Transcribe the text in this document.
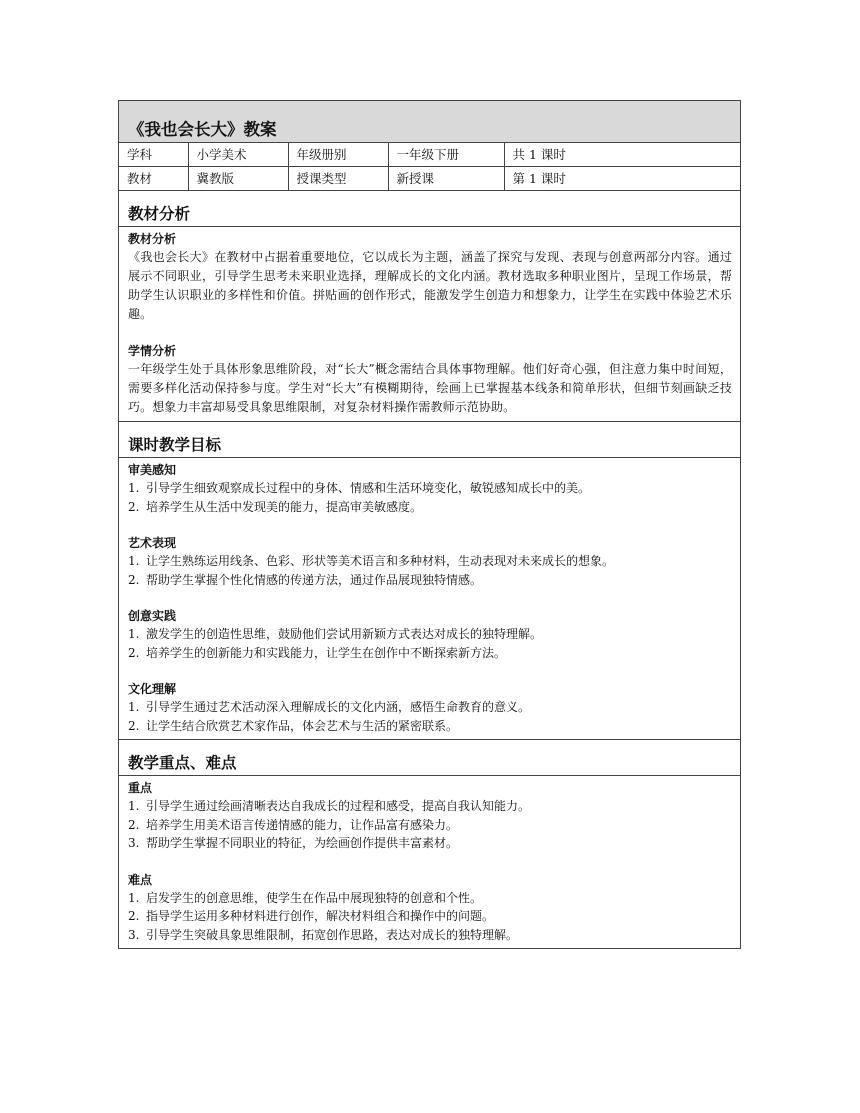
《我也会长大》教案
学科	小学美术	年级册别	一年级下册	共 1 课时
教材	冀教版	授课类型	新授课	第 1 课时
教材分析
教材分析

《我也会长大》在教材中占据着重要地位，它以成长为主题，涵盖了探究与发现、表现与创意两部分内容。通过展示不同职业，引导学生思考未来职业选择，理解成长的文化内涵。教材选取多种职业图片，呈现工作场景，帮助学生认识职业的多样性和价值。拼贴画的创作形式，能激发学生创造力和想象力，让学生在实践中体验艺术乐趣。

学情分析

一年级学生处于具体形象思维阶段，对“长大”概念需结合具体事物理解。他们好奇心强，但注意力集中时间短，需要多样化活动保持参与度。学生对“长大”有模糊期待，绘画上已掌握基本线条和简单形状，但细节刻画缺乏技巧。想象力丰富却易受具象思维限制，对复杂材料操作需教师示范协助。

课时教学目标
审美感知
1. 引导学生细致观察成长过程中的身体、情感和生活环境变化，敏锐感知成长中的美。
2. 培养学生从生活中发现美的能力，提高审美敏感度。
艺术表现
1. 让学生熟练运用线条、色彩、形状等美术语言和多种材料，生动表现对未来成长的想象。
2. 帮助学生掌握个性化情感的传递方法，通过作品展现独特情感。
创意实践
1. 激发学生的创造性思维，鼓励他们尝试用新颖方式表达对成长的独特理解。
2. 培养学生的创新能力和实践能力，让学生在创作中不断探索新方法。
文化理解
1. 引导学生通过艺术活动深入理解成长的文化内涵，感悟生命教育的意义。
2. 让学生结合欣赏艺术家作品，体会艺术与生活的紧密联系。
教学重点、难点
重点
1. 引导学生通过绘画清晰表达自我成长的过程和感受，提高自我认知能力。
2. 培养学生用美术语言传递情感的能力，让作品富有感染力。
3. 帮助学生掌握不同职业的特征，为绘画创作提供丰富素材。
难点
1. 启发学生的创意思维，使学生在作品中展现独特的创意和个性。
2. 指导学生运用多种材料进行创作，解决材料组合和操作中的问题。
3. 引导学生突破具象思维限制，拓宽创作思路，表达对成长的独特理解。
